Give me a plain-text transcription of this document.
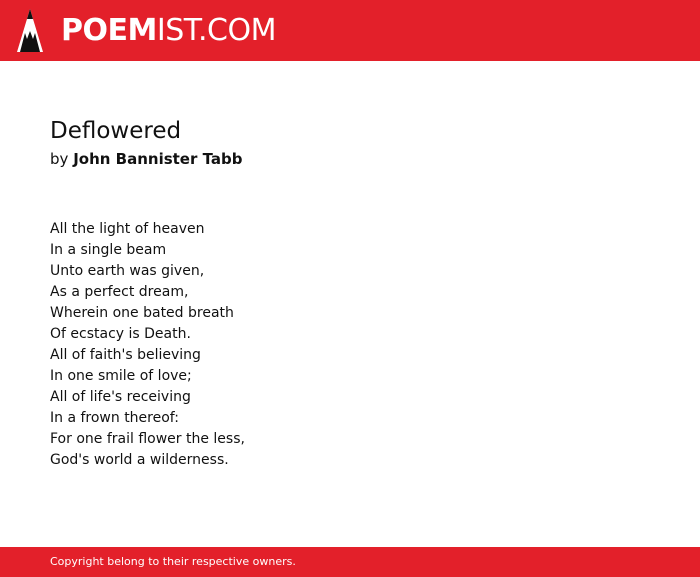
POEMIST.COM
Deflowered
by John Bannister Tabb
All the light of heaven
In a single beam
Unto earth was given,
As a perfect dream,
Wherein one bated breath
Of ecstacy is Death.
All of faith's believing
In one smile of love;
All of life's receiving
In a frown thereof:
For one frail flower the less,
God's world a wilderness.
Copyright belong to their respective owners.
